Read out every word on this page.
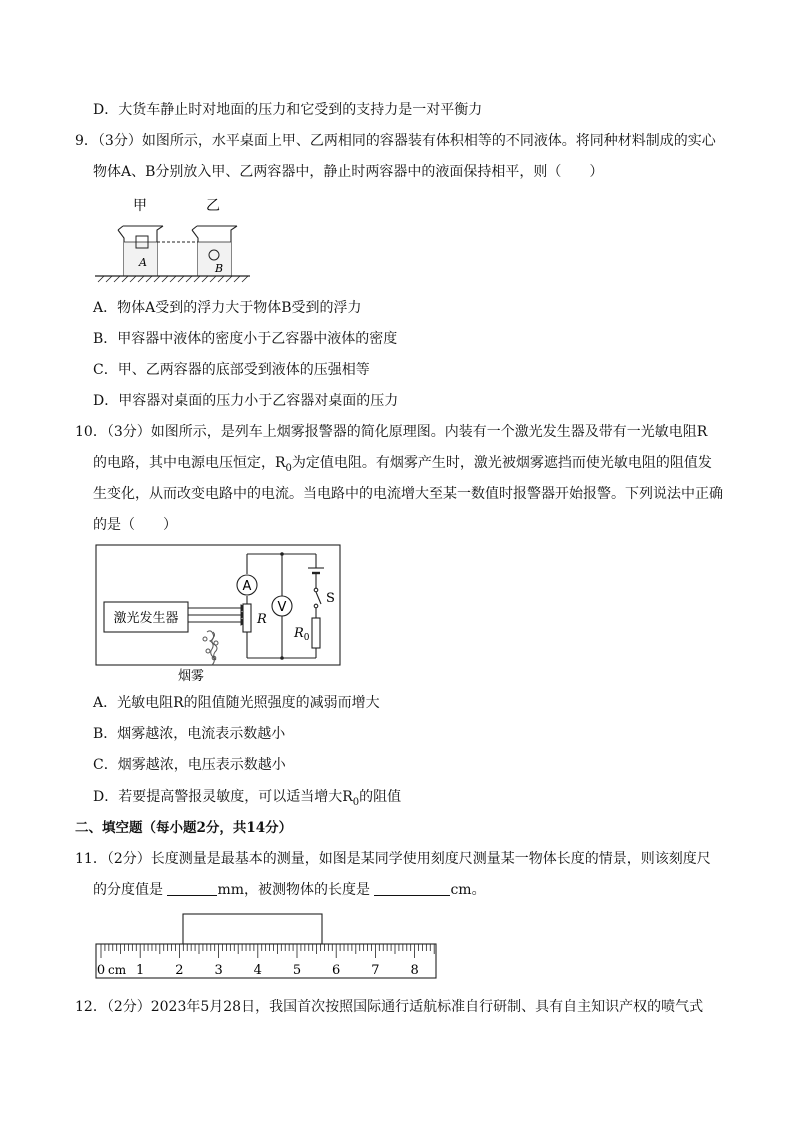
D．大货车静止时对地面的压力和它受到的支持力是一对平衡力
9．（3分）如图所示，水平桌面上甲、乙两相同的容器装有体积相等的不同液体。将同种材料制成的实心
物体A、B分别放入甲、乙两容器中，静止时两容器中的液面保持相平，则（　　）
甲	乙
A	B
A．物体A受到的浮力大于物体B受到的浮力
B．甲容器中液体的密度小于乙容器中液体的密度
C．甲、乙两容器的底部受到液体的压强相等
D．甲容器对桌面的压力小于乙容器对桌面的压力
10．（3分）如图所示，是列车上烟雾报警器的简化原理图。内装有一个激光发生器及带有一光敏电阻R
的电路，其中电源电压恒定，$R_0$为定值电阻。有烟雾产生时，激光被烟雾遮挡而使光敏电阻的阻值发
生变化，从而改变电路中的电流。当电路中的电流增大至某一数值时报警器开始报警。下列说法中正确
的是（　　）
激光发生器	R
A
V
S
$R_0$
烟雾
A．光敏电阻R的阻值随光照强度的减弱而增大
B．烟雾越浓，电流表示数越小
C．烟雾越浓，电压表示数越小
D．若要提高警报灵敏度，可以适当增大$R_0$的阻值
二、填空题（每小题2分，共14分）
11．（2分）长度测量是最基本的测量，如图是某同学使用刻度尺测量某一物体长度的情景，则该刻度尺
的分度值是	mm，被测物体的长度是	cm。
0 1 2 3 4 5 6 7 8
cm
12．（2分）2023年5月28日，我国首次按照国际通行适航标准自行研制、具有自主知识产权的喷气式
